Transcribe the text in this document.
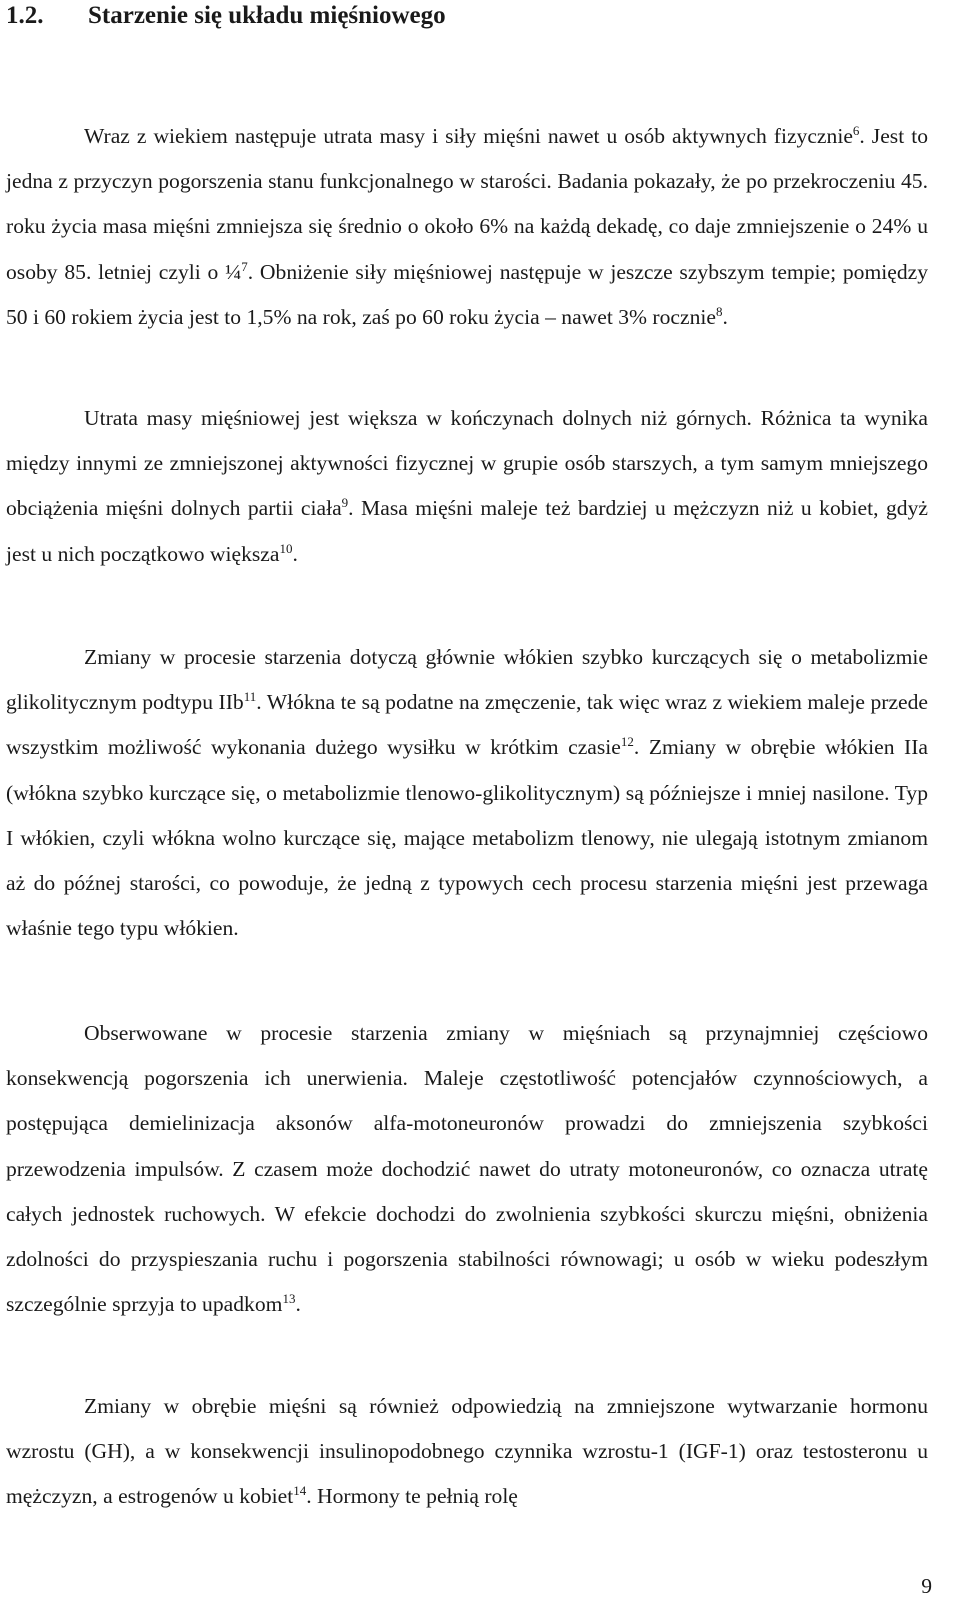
1.2. Starzenie się układu mięśniowego

Wraz z wiekiem następuje utrata masy i siły mięśni nawet u osób aktywnych fizycznie$^6$. Jest to jedna z przyczyn pogorszenia stanu funkcjonalnego w starości. Badania pokazały, że po przekroczeniu 45. roku życia masa mięśni zmniejsza się średnio o około 6% na każdą dekadę, co daje zmniejszenie o 24% u osoby 85. letniej czyli o ¼$^7$. Obniżenie siły mięśniowej następuje w jeszcze szybszym tempie; pomiędzy 50 i 60 rokiem życia jest to 1,5% na rok, zaś po 60 roku życia – nawet 3% rocznie$^8$.

Utrata masy mięśniowej jest większa w kończynach dolnych niż górnych. Różnica ta wynika między innymi ze zmniejszonej aktywności fizycznej w grupie osób starszych, a tym samym mniejszego obciążenia mięśni dolnych partii ciała$^9$. Masa mięśni maleje też bardziej u mężczyzn niż u kobiet, gdyż jest u nich początkowo większa$^{10}$.

Zmiany w procesie starzenia dotyczą głównie włókien szybko kurczących się o metabolizmie glikolitycznym podtypu IIb$^{11}$. Włókna te są podatne na zmęczenie, tak więc wraz z wiekiem maleje przede wszystkim możliwość wykonania dużego wysiłku w krótkim czasie$^{12}$. Zmiany w obrębie włókien IIa (włókna szybko kurczące się, o metabolizmie tlenowo-glikolitycznym) są późniejsze i mniej nasilone. Typ I włókien, czyli włókna wolno kurczące się, mające metabolizm tlenowy, nie ulegają istotnym zmianom aż do późnej starości, co powoduje, że jedną z typowych cech procesu starzenia mięśni jest przewaga właśnie tego typu włókien.

Obserwowane w procesie starzenia zmiany w mięśniach są przynajmniej częściowo konsekwencją pogorszenia ich unerwienia. Maleje częstotliwość potencjałów czynnościowych, a postępująca demielinizacja aksonów alfa-motoneuronów prowadzi do zmniejszenia szybkości przewodzenia impulsów. Z czasem może dochodzić nawet do utraty motoneuronów, co oznacza utratę całych jednostek ruchowych. W efekcie dochodzi do zwolnienia szybkości skurczu mięśni, obniżenia zdolności do przyspieszania ruchu i pogorszenia stabilności równowagi; u osób w wieku podeszłym szczególnie sprzyja to upadkom$^{13}$.

Zmiany w obrębie mięśni są również odpowiedzią na zmniejszone wytwarzanie hormonu wzrostu (GH), a w konsekwencji insulinopodobnego czynnika wzrostu-1 (IGF-1) oraz testosteronu u mężczyzn, a estrogenów u kobiet$^{14}$. Hormony te pełnią rolę

9
